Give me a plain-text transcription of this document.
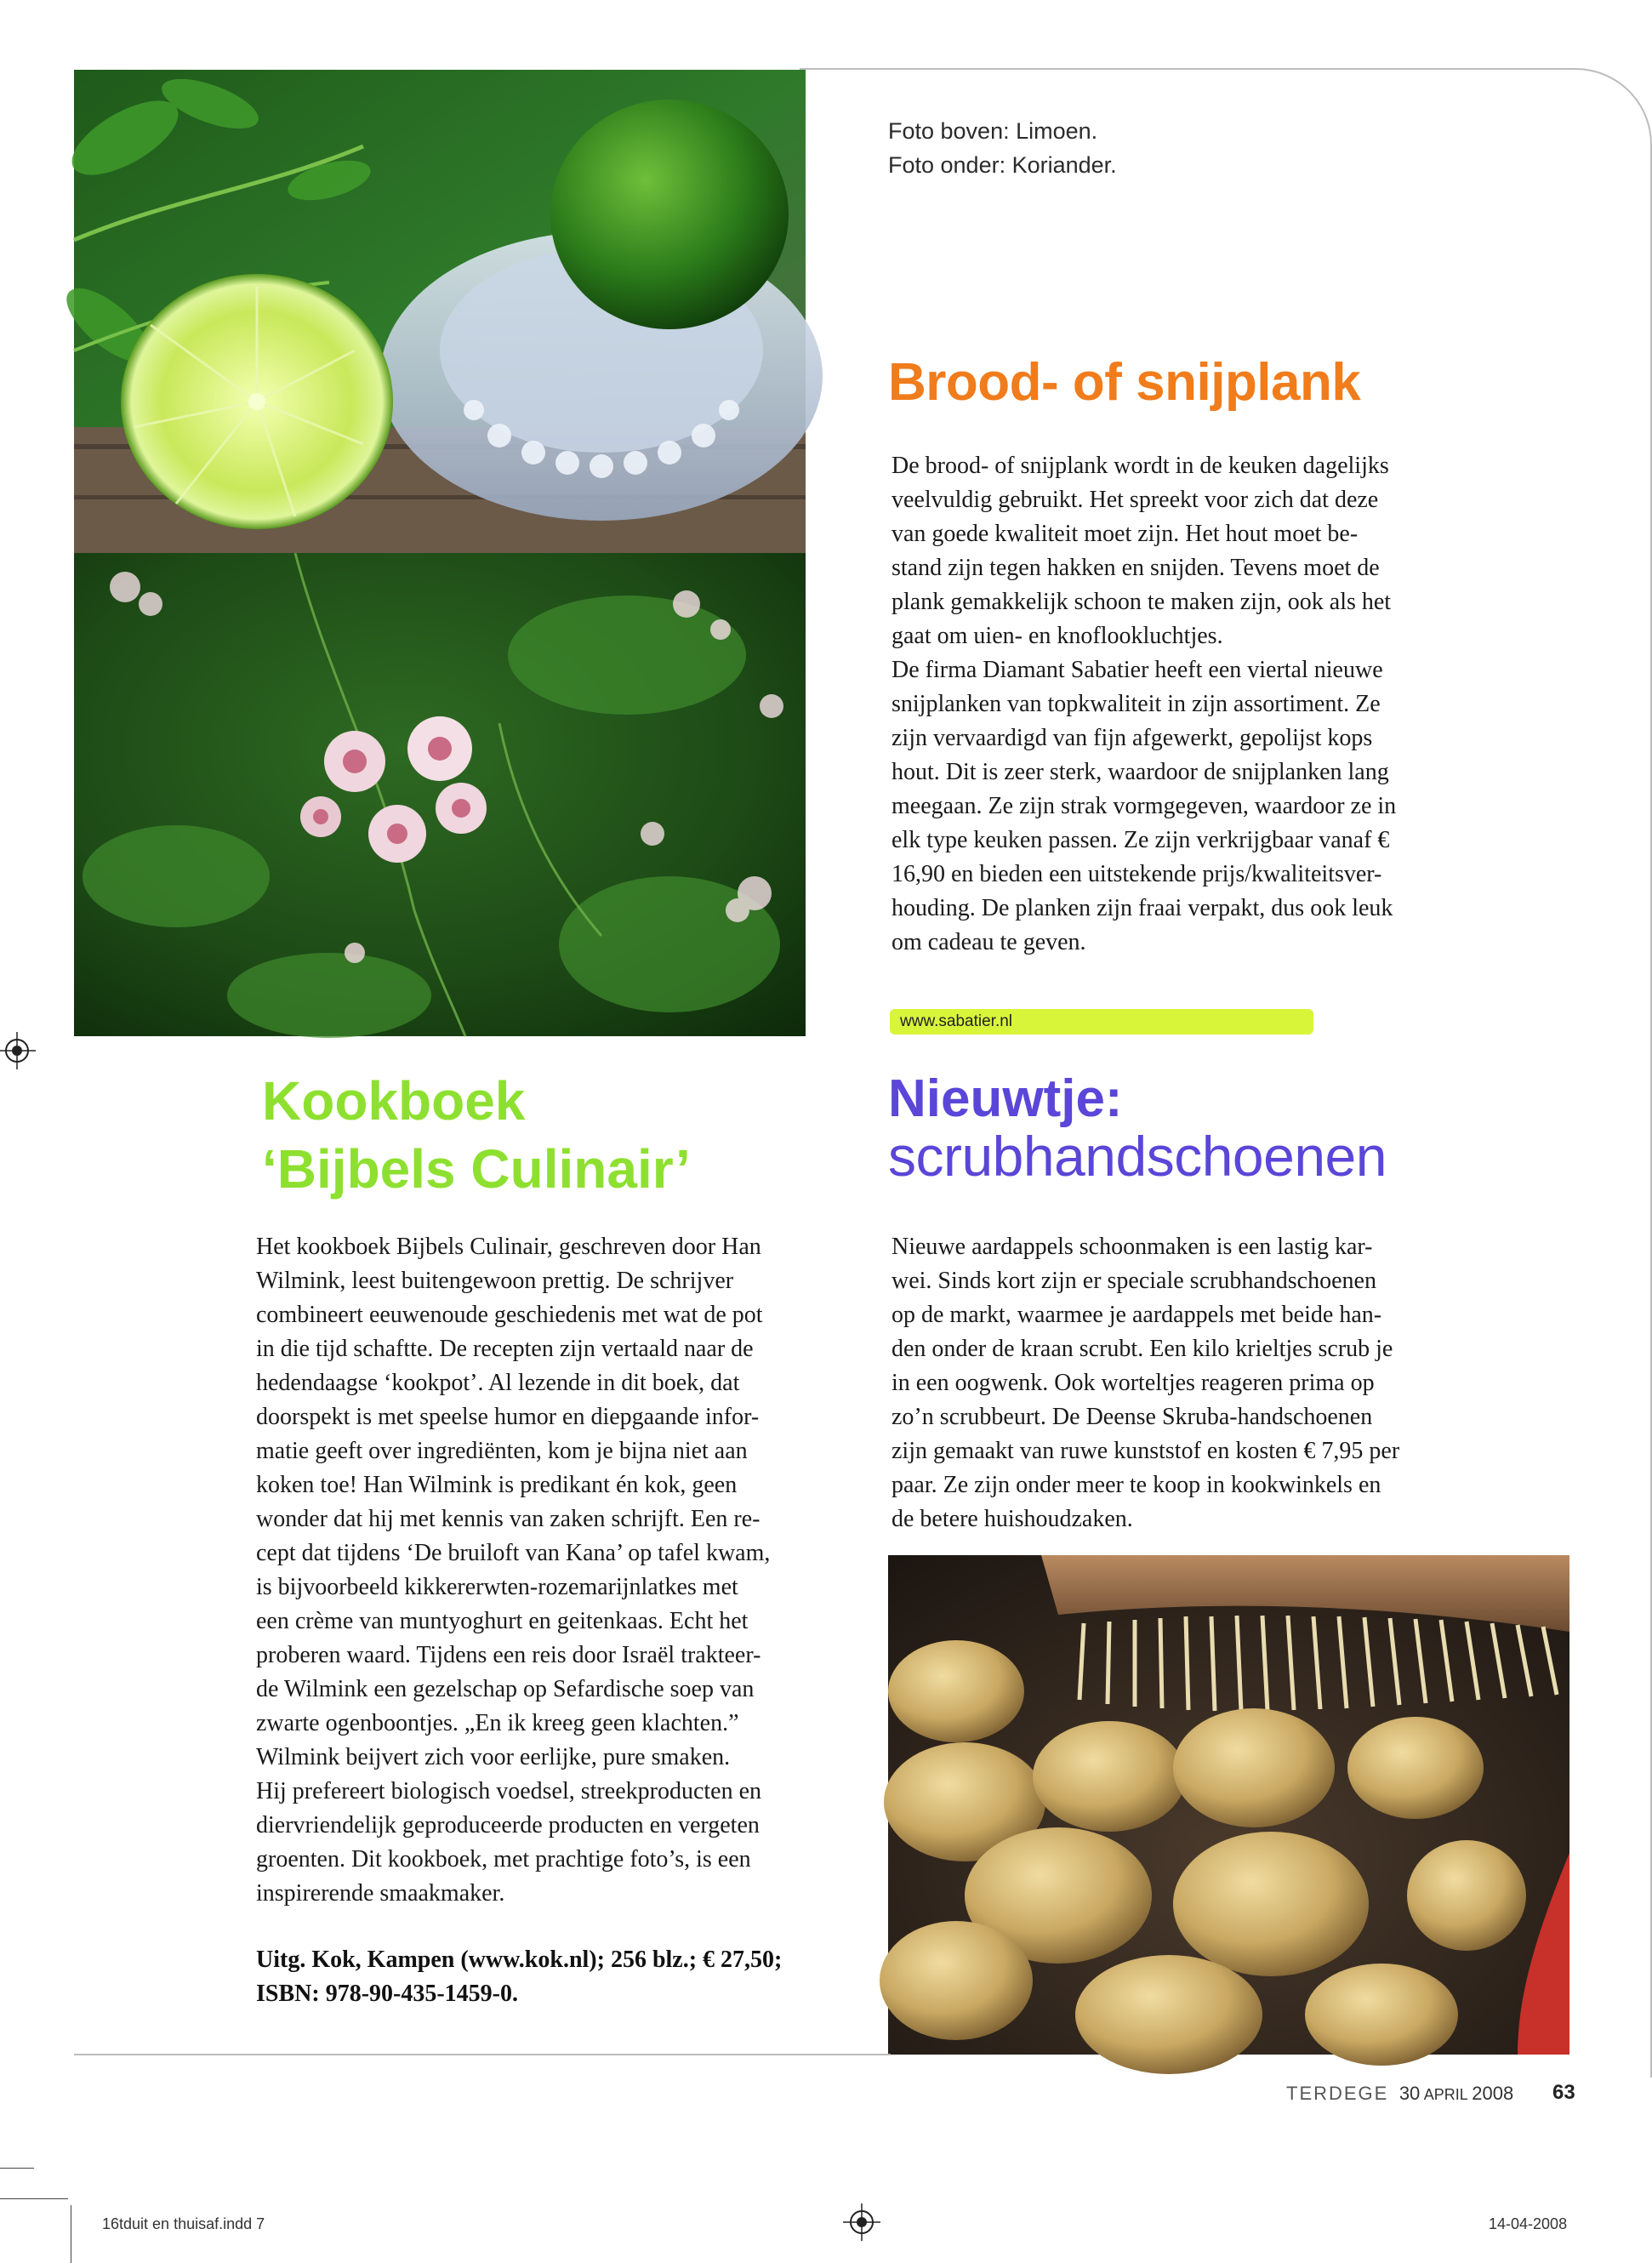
Foto boven: Limoen.
Foto onder: Koriander.
Brood- of snijplank

De brood- of snijplank wordt in de keuken dagelijks

veelvuldig gebruikt. Het spreekt voor zich dat deze

van goede kwaliteit moet zijn. Het hout moet be-

stand zijn tegen hakken en snijden. Tevens moet de

plank gemakkelijk schoon te maken zijn, ook als het

gaat om uien- en knoflookluchtjes.

De firma Diamant Sabatier heeft een viertal nieuwe

snijplanken van topkwaliteit in zijn assortiment. Ze

zijn vervaardigd van fijn afgewerkt, gepolijst kops

hout. Dit is zeer sterk, waardoor de snijplanken lang

meegaan. Ze zijn strak vormgegeven, waardoor ze in

elk type keuken passen. Ze zijn verkrijgbaar vanaf €

16,90 en bieden een uitstekende prijs/kwaliteitsver-

houding. De planken zijn fraai verpakt, dus ook leuk

om cadeau te geven.

www.sabatier.nl
Kookboek
‘Bijbels Culinair’
Nieuwtje:
scrubhandschoenen

Het kookboek Bijbels Culinair, geschreven door Han

Wilmink, leest buitengewoon prettig. De schrijver

combineert eeuwenoude geschiedenis met wat de pot

in die tijd schaftte. De recepten zijn vertaald naar de

hedendaagse ‘kookpot’. Al lezende in dit boek, dat

doorspekt is met speelse humor en diepgaande infor-

matie geeft over ingrediënten, kom je bijna niet aan

koken toe! Han Wilmink is predikant én kok, geen

wonder dat hij met kennis van zaken schrijft. Een re-

cept dat tijdens ‘De bruiloft van Kana’ op tafel kwam,

is bijvoorbeeld kikkererwten-rozemarijnlatkes met

een crème van muntyoghurt en geitenkaas. Echt het

proberen waard. Tijdens een reis door Israël trakteer-

de Wilmink een gezelschap op Sefardische soep van

zwarte ogenboontjes. „En ik kreeg geen klachten.”

Wilmink beijvert zich voor eerlijke, pure smaken.

Hij prefereert biologisch voedsel, streekproducten en

diervriendelijk geproduceerde producten en vergeten

groenten. Dit kookboek, met prachtige foto’s, is een

inspirerende smaakmaker.

Uitg. Kok, Kampen (www.kok.nl); 256 blz.; € 27,50;
ISBN: 978-90-435-1459-0.

Nieuwe aardappels schoonmaken is een lastig kar-

wei. Sinds kort zijn er speciale scrubhandschoenen

op de markt, waarmee je aardappels met beide han-

den onder de kraan scrubt. Een kilo krieltjes scrub je

in een oogwenk. Ook worteltjes reageren prima op

zo’n scrubbeurt. De Deense Skruba-handschoenen

zijn gemaakt van ruwe kunststof en kosten € 7,95 per

paar. Ze zijn onder meer te koop in kookwinkels en

de betere huishoudzaken.

TERDEGE 30 APRIL 2008 63
16tduit en thuisaf.indd 7	14-04-2008
